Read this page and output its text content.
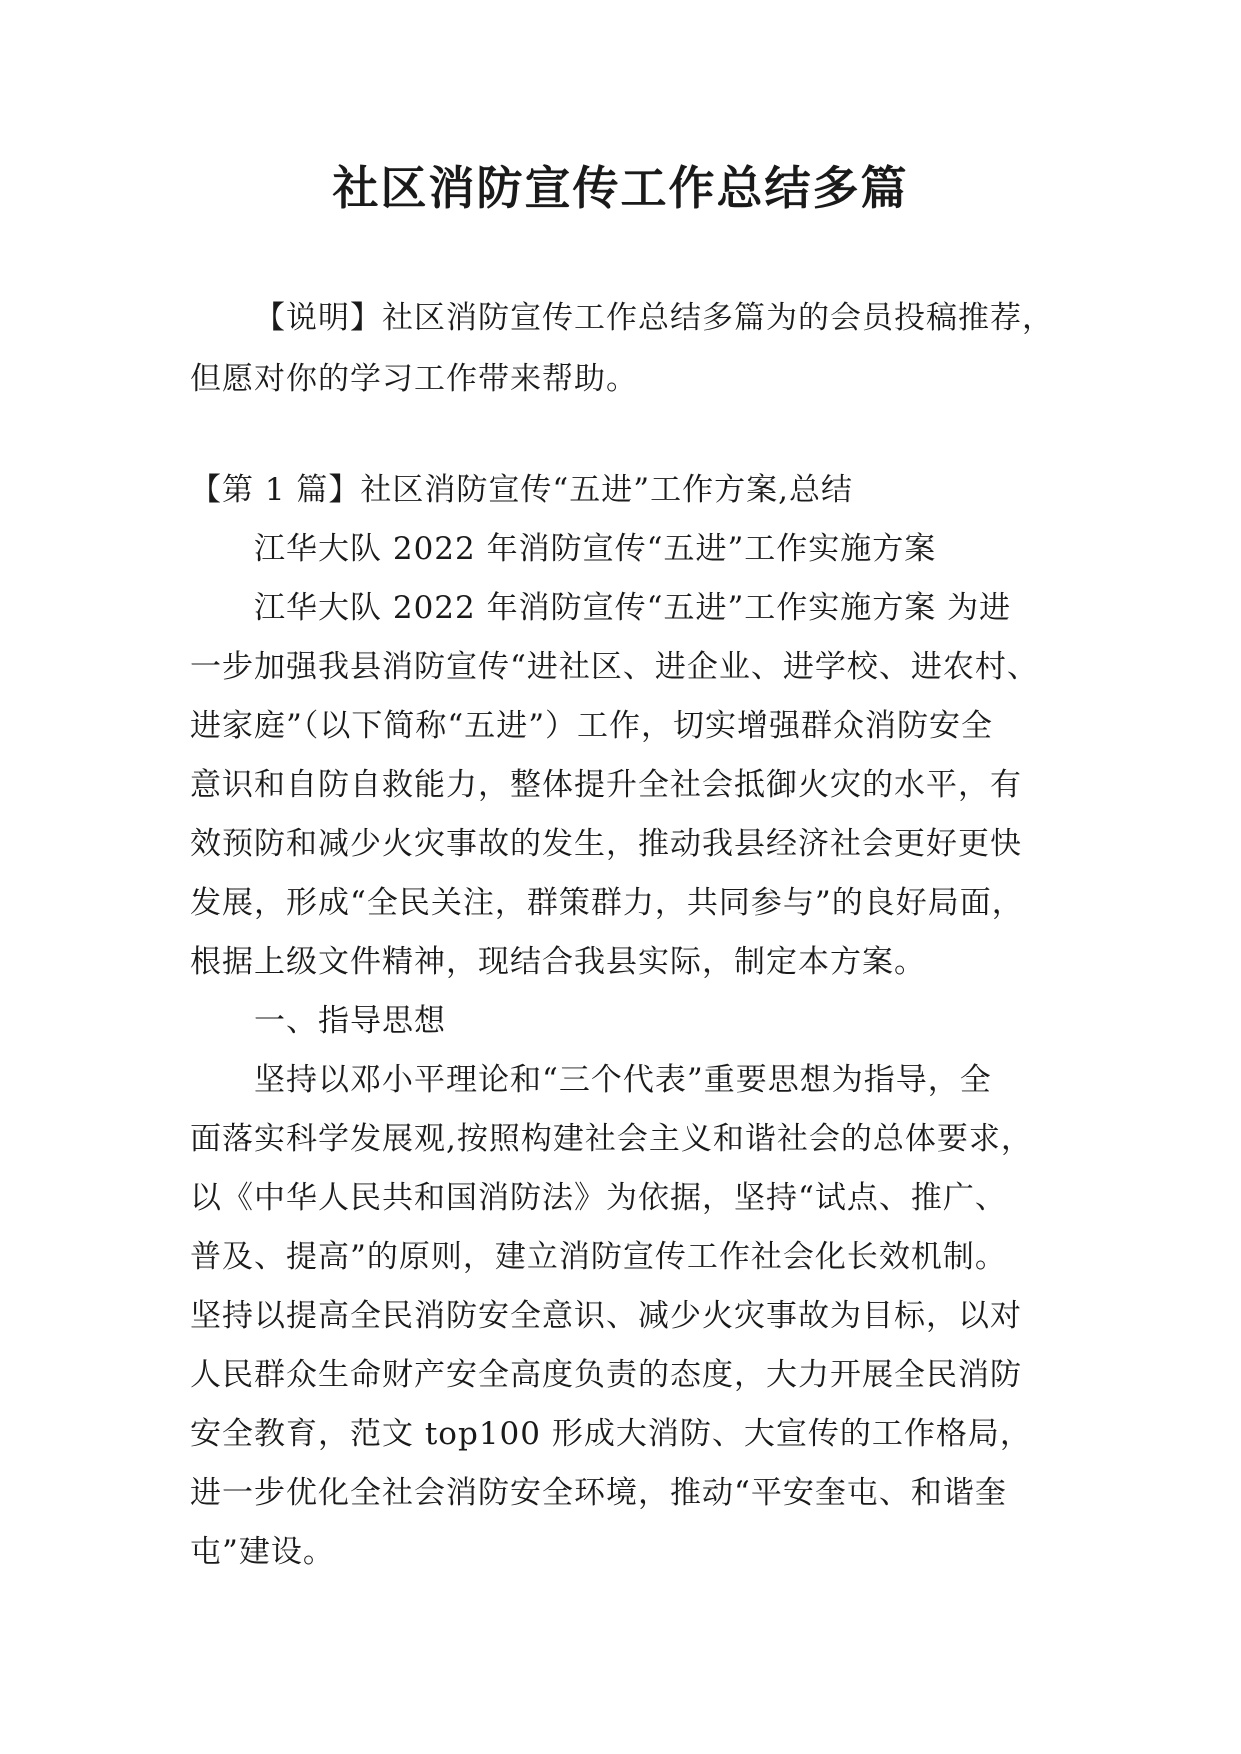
社区消防宣传工作总结多篇
【说明】社区消防宣传工作总结多篇为的会员投稿推荐，
但愿对你的学习工作带来帮助。
【第 1 篇】社区消防宣传“五进”工作方案,总结
江华大队 2022 年消防宣传“五进”工作实施方案
江华大队 2022 年消防宣传“五进”工作实施方案 为进
一步加强我县消防宣传“进社区、进企业、进学校、进农村、
进家庭”（以下简称“五进”）工作，切实增强群众消防安全
意识和自防自救能力，整体提升全社会抵御火灾的水平，有
效预防和减少火灾事故的发生，推动我县经济社会更好更快
发展，形成“全民关注，群策群力，共同参与”的良好局面，
根据上级文件精神，现结合我县实际，制定本方案。
一、指导思想
坚持以邓小平理论和“三个代表”重要思想为指导，全
面落实科学发展观,按照构建社会主义和谐社会的总体要求，
以《中华人民共和国消防法》为依据，坚持“试点、推广、
普及、提高”的原则，建立消防宣传工作社会化长效机制。
坚持以提高全民消防安全意识、减少火灾事故为目标，以对
人民群众生命财产安全高度负责的态度，大力开展全民消防
安全教育，范文 top100 形成大消防、大宣传的工作格局，
进一步优化全社会消防安全环境，推动“平安奎屯、和谐奎
屯”建设。
